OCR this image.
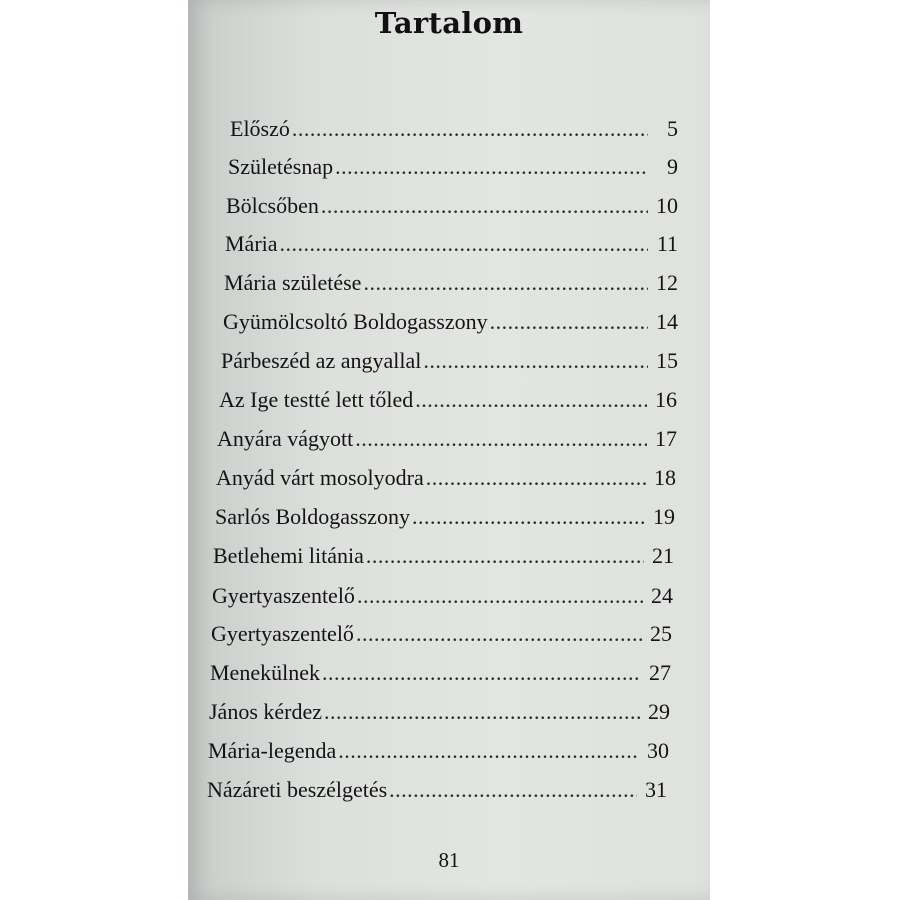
Tartalom
Előszó .....	5
Születésnap .....	9
Bölcsőben .....	10
Mária .....	11
Mária születése .....	12
Gyümölcsoltó Boldogasszony .....	14
Párbeszéd az angyallal .....	15
Az Ige testté lett tőled .....	16
Anyára vágyott .....	17
Anyád várt mosolyodra .....	18
Sarlós Boldogasszony .....	19
Betlehemi litánia .....	21
Gyertyaszentelő .....	24
Gyertyaszentelő .....	25
Menekülnek .....	27
János kérdez .....	29
Mária-legenda .....	30
Názáreti beszélgetés .....	31
81
